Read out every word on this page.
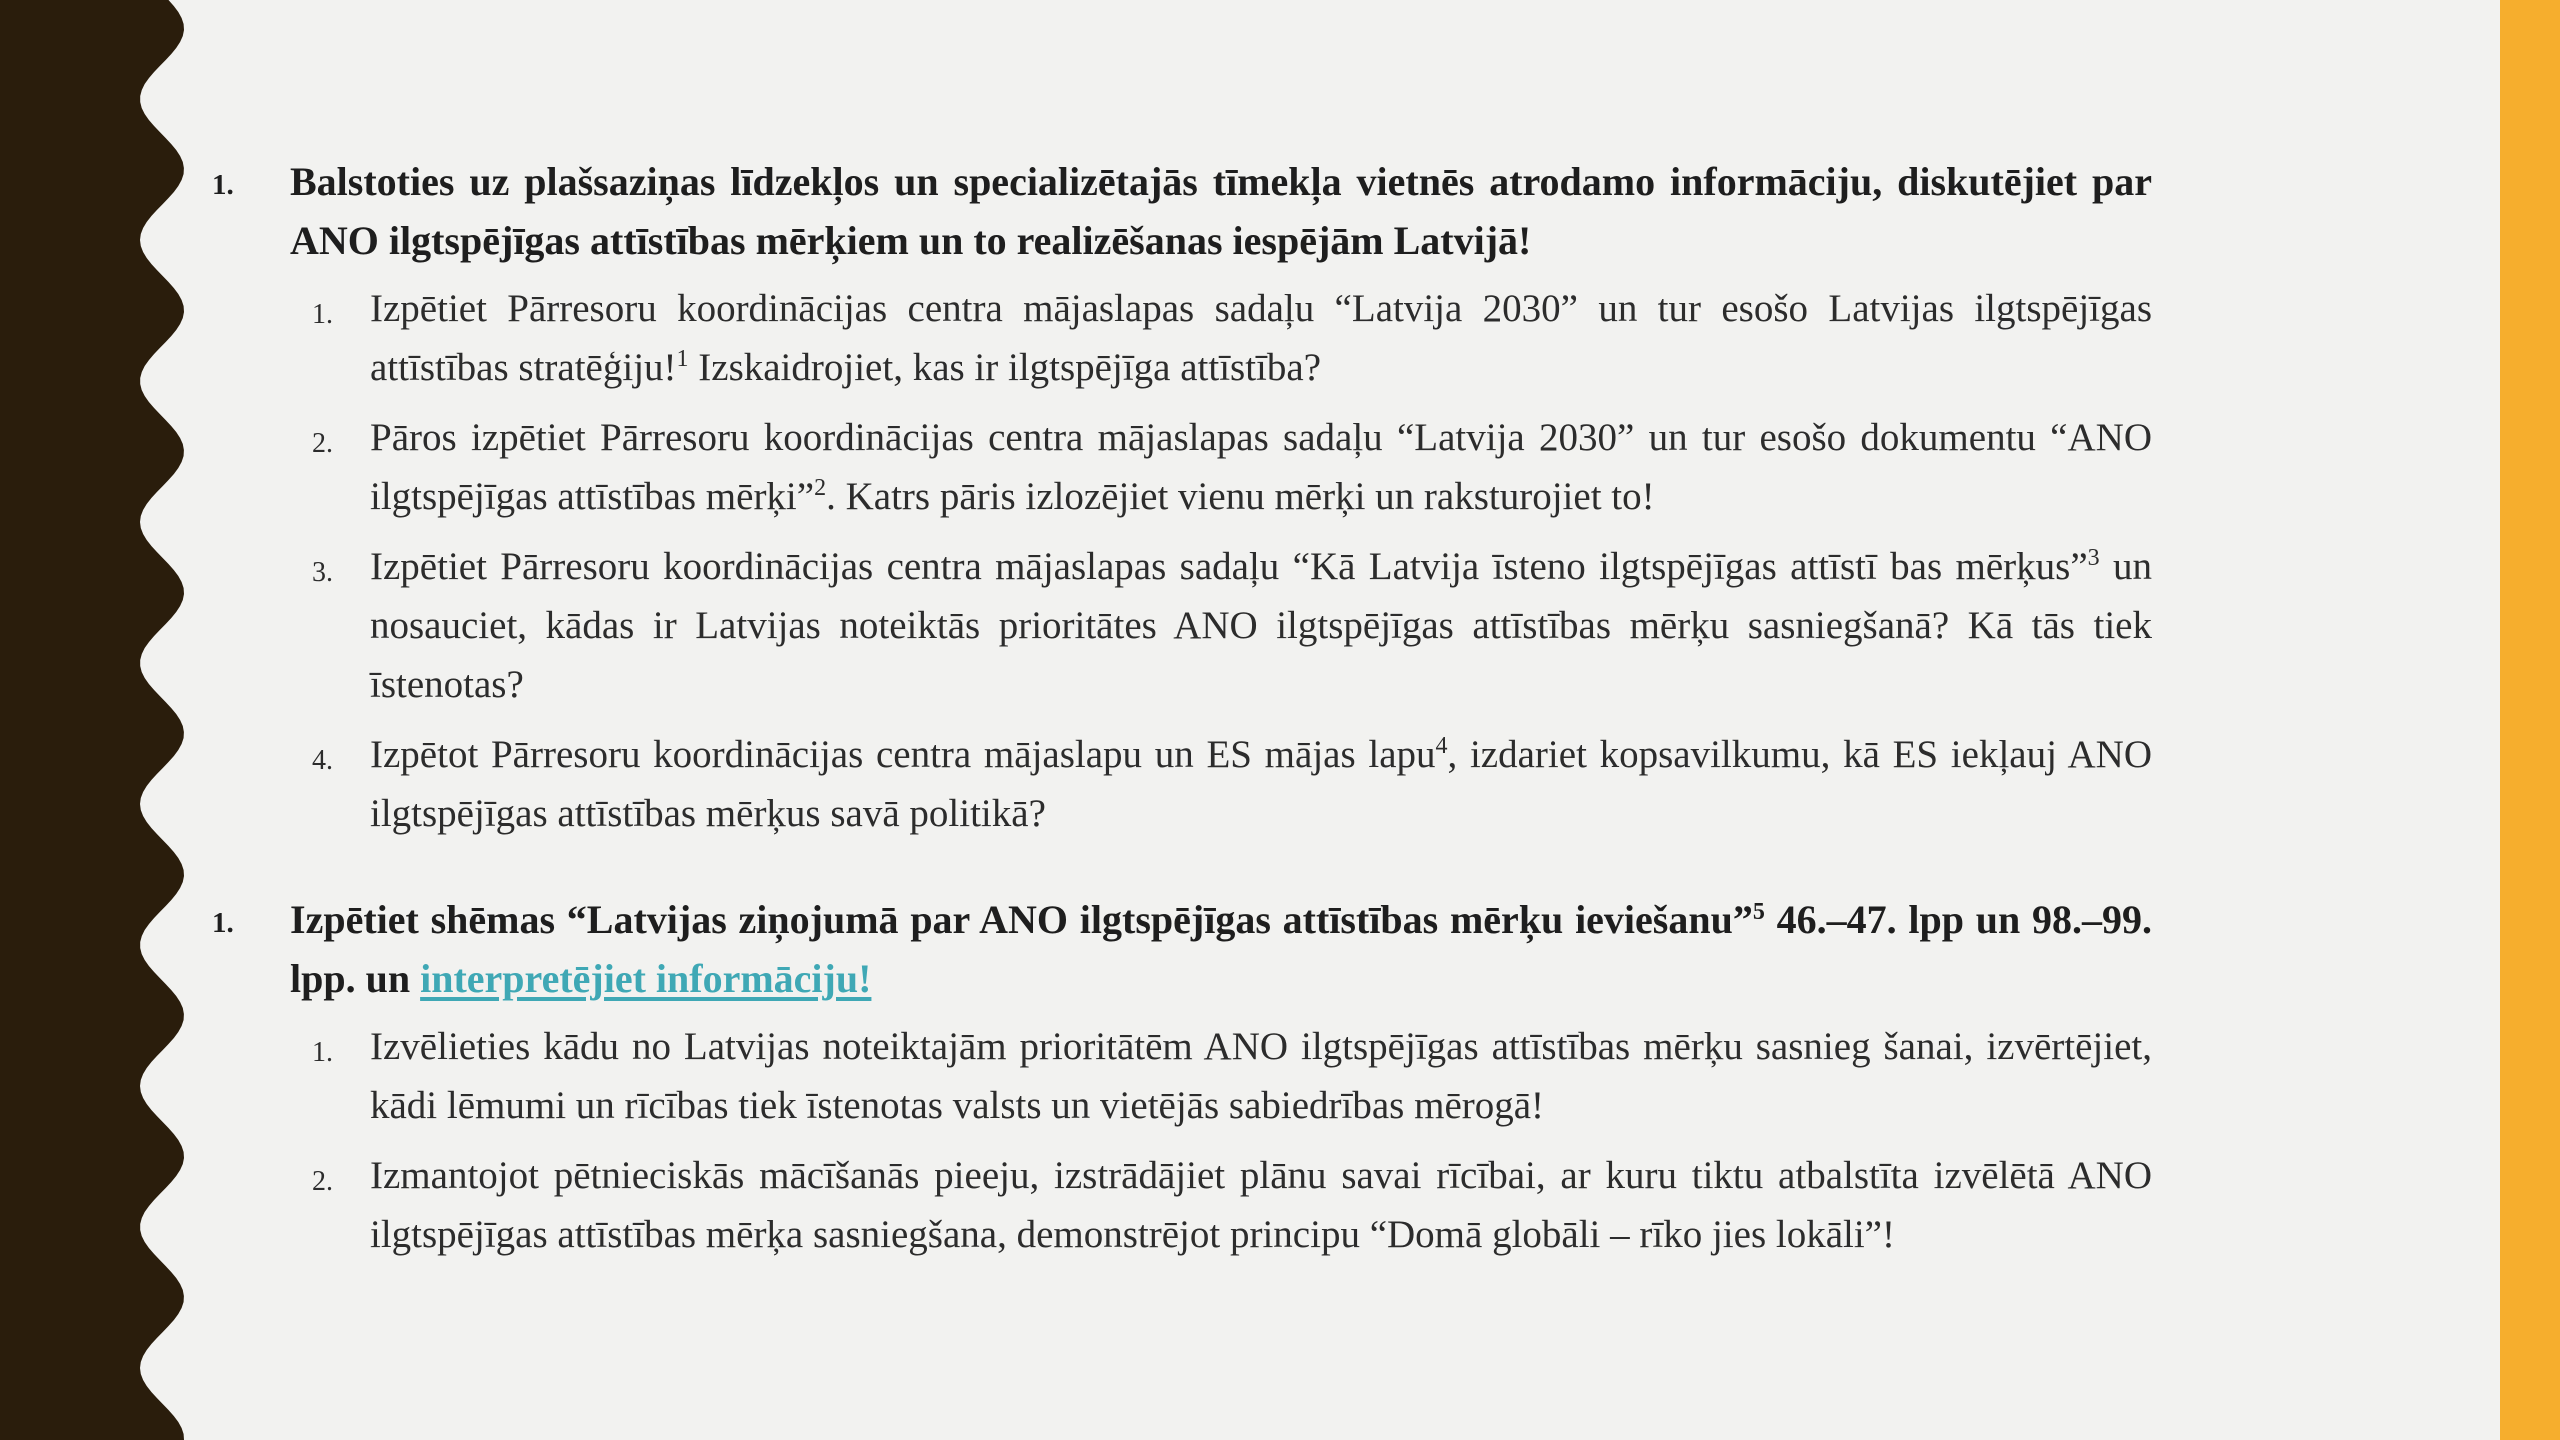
1.	Balstoties uz plašsaziņas līdzekļos un specializētajās tīmekļa vietnēs atrodamo informāciju, diskutējiet par ANO ilgtspējīgas attīstības mērķiem un to realizēšanas iespējām Latvijā!
1. Izpētiet Pārresoru koordinācijas centra mājaslapas sadaļu “Latvija 2030” un tur esošo Latvijas ilgtspējīgas attīstības stratēģiju!$^1$ Izskaidrojiet, kas ir ilgtspējīga attīstība?
2. Pāros izpētiet Pārresoru koordinācijas centra mājaslapas sadaļu “Latvija 2030” un tur esošo dokumentu “ANO ilgtspējīgas attīstības mērķi”$^2$. Katrs pāris izlozējiet vienu mērķi un raksturojiet to!
3. Izpētiet Pārresoru koordinācijas centra mājaslapas sadaļu “Kā Latvija īsteno ilgtspējīgas attīstī bas mērķus”$^3$ un nosauciet, kādas ir Latvijas noteiktās prioritātes ANO ilgtspējīgas attīstības mērķu sasniegšanā? Kā tās tiek īstenotas?
4. Izpētot Pārresoru koordinācijas centra mājaslapu un ES mājas lapu$^4$, izdariet kopsavilkumu, kā ES iekļauj ANO ilgtspējīgas attīstības mērķus savā politikā?
1.	Izpētiet shēmas “Latvijas ziņojumā par ANO ilgtspējīgas attīstības mērķu ieviešanu”$^5$ 46.–47. lpp un 98.–99. lpp. un interpretējiet informāciju!
1. Izvēlieties kādu no Latvijas noteiktajām prioritātēm ANO ilgtspējīgas attīstības mērķu sasnieg šanai, izvērtējiet, kādi lēmumi un rīcības tiek īstenotas valsts un vietējās sabiedrības mērogā!
2. Izmantojot pētnieciskās mācīšanās pieeju, izstrādājiet plānu savai rīcībai, ar kuru tiktu atbalstīta izvēlētā ANO ilgtspējīgas attīstības mērķa sasniegšana, demonstrējot principu “Domā globāli – rīko jies lokāli”!
